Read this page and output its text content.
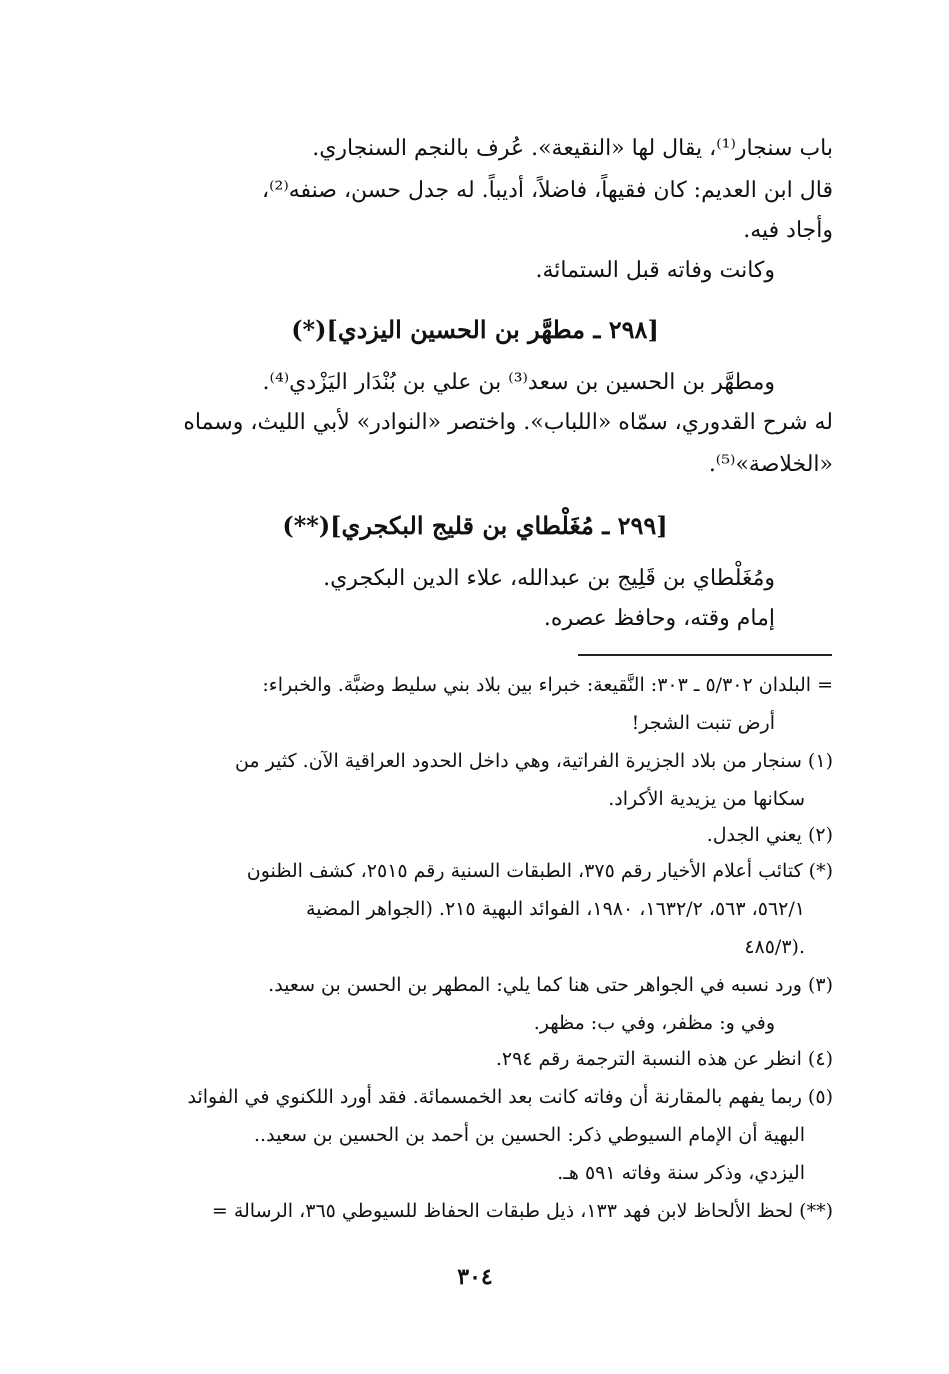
باب سنجار⁽¹⁾، يقال لها «النقيعة». عُرف بالنجم السنجاري.
قال ابن العديم: كان فقيهاً، فاضلاً، أديباً. له جدل حسن، صنفه⁽²⁾،
وأجاد فيه.
وكانت وفاته قبل الستمائة.
[٢٩٨ ـ مطهَّر بن الحسين اليزدي](*)
ومطهَّر بن الحسين بن سعد⁽³⁾ بن علي بن بُنْدَار اليَزْدي⁽⁴⁾.
له شرح القدوري، سمّاه «اللباب». واختصر «النوادر» لأبي الليث، وسماه
«الخلاصة»⁽⁵⁾.
[٢٩٩ ـ مُغَلْطاي بن قليج البكجري](**)
ومُغَلْطاي بن قَلِيج بن عبدالله، علاء الدين البكجري.
إمام وقته، وحافظ عصره.
= البلدان ٥/٣٠٢ ـ ٣٠٣: النَّقيعة: خبراء بين بلاد بني سليط وضبَّة. والخبراء:
أرض تنبت الشجر!
(١) سنجار من بلاد الجزيرة الفراتية، وهي داخل الحدود العراقية الآن. كثير من
سكانها من يزيدية الأكراد.
(٢) يعني الجدل.
(*) كتائب أعلام الأخيار رقم ٣٧٥، الطبقات السنية رقم ٢٥١٥، كشف الظنون
٥٦٢/١، ٥٦٣، ١٦٣٢/٢، ١٩٨٠، الفوائد البهية ٢١٥. (الجواهر المضية
٤٨٥/٣).
(٣) ورد نسبه في الجواهر حتى هنا كما يلي: المطهر بن الحسن بن سعيد.
وفي و: مظفر، وفي ب: مظهر.
(٤) انظر عن هذه النسبة الترجمة رقم ٢٩٤.
(٥) ربما يفهم بالمقارنة أن وفاته كانت بعد الخمسمائة. فقد أورد اللكنوي في الفوائد
البهية أن الإمام السيوطي ذكر: الحسين بن أحمد بن الحسين بن سعيد..
اليزدي، وذكر سنة وفاته ٥٩١ هـ.
(**) لحظ الألحاظ لابن فهد ١٣٣، ذيل طبقات الحفاظ للسيوطي ٣٦٥، الرسالة =
٣٠٤
